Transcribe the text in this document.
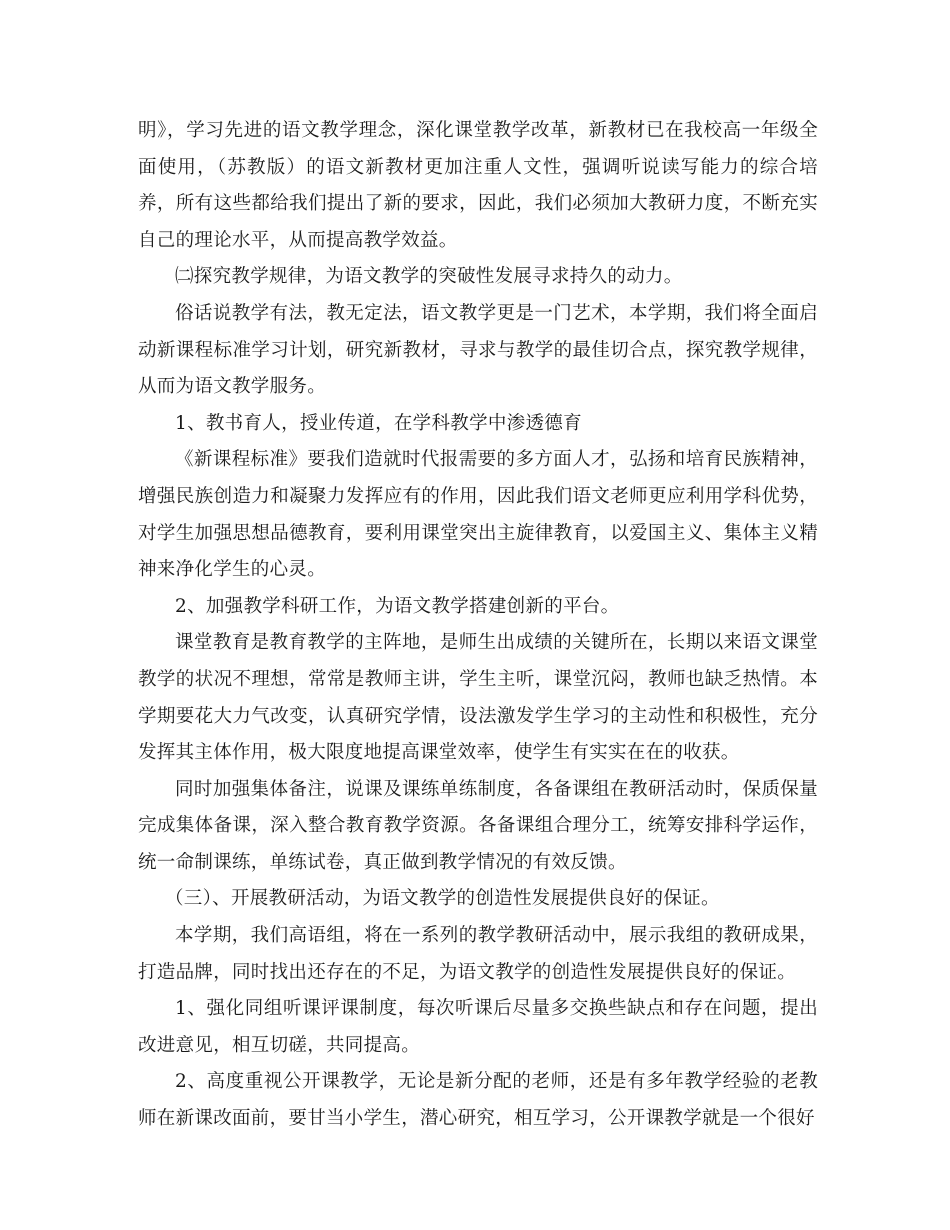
明》，学习先进的语文教学理念，深化课堂教学改革，新教材已在我校高一年级全面使用，（苏教版）的语文新教材更加注重人文性，强调听说读写能力的综合培养，所有这些都给我们提出了新的要求，因此，我们必须加大教研力度，不断充实自己的理论水平，从而提高教学效益。

㈡探究教学规律，为语文教学的突破性发展寻求持久的动力。

俗话说教学有法，教无定法，语文教学更是一门艺术，本学期，我们将全面启动新课程标准学习计划，研究新教材，寻求与教学的最佳切合点，探究教学规律，从而为语文教学服务。

1、教书育人，授业传道，在学科教学中渗透德育

《新课程标准》要我们造就时代报需要的多方面人才，弘扬和培育民族精神，增强民族创造力和凝聚力发挥应有的作用，因此我们语文老师更应利用学科优势，对学生加强思想品德教育，要利用课堂突出主旋律教育，以爱国主义、集体主义精神来净化学生的心灵。

2、加强教学科研工作，为语文教学搭建创新的平台。

课堂教育是教育教学的主阵地，是师生出成绩的关键所在，长期以来语文课堂教学的状况不理想，常常是教师主讲，学生主听，课堂沉闷，教师也缺乏热情。本学期要花大力气改变，认真研究学情，设法激发学生学习的主动性和积极性，充分发挥其主体作用，极大限度地提高课堂效率，使学生有实实在在的收获。

同时加强集体备注，说课及课练单练制度，各备课组在教研活动时，保质保量完成集体备课，深入整合教育教学资源。各备课组合理分工，统筹安排科学运作，统一命制课练，单练试卷，真正做到教学情况的有效反馈。

（三）、开展教研活动，为语文教学的创造性发展提供良好的保证。

本学期，我们高语组，将在一系列的教学教研活动中，展示我组的教研成果，打造品牌，同时找出还存在的不足，为语文教学的创造性发展提供良好的保证。

1、强化同组听课评课制度，每次听课后尽量多交换些缺点和存在问题，提出改进意见，相互切磋，共同提高。

2、高度重视公开课教学，无论是新分配的老师，还是有多年教学经验的老教师在新课改面前，要甘当小学生，潜心研究，相互学习，公开课教学就是一个很好
